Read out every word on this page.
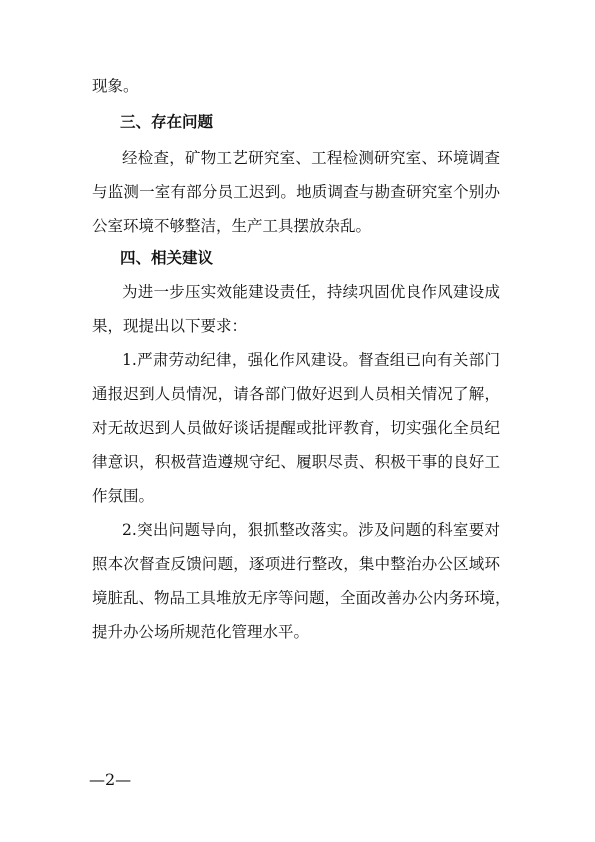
现象。
三、存在问题
经检查，矿物工艺研究室、工程检测研究室、环境调查
与监测一室有部分员工迟到。地质调查与勘查研究室个别办
公室环境不够整洁，生产工具摆放杂乱。
四、相关建议
为进一步压实效能建设责任，持续巩固优良作风建设成
果，现提出以下要求：
1.严肃劳动纪律，强化作风建设。督查组已向有关部门
通报迟到人员情况，请各部门做好迟到人员相关情况了解，
对无故迟到人员做好谈话提醒或批评教育，切实强化全员纪
律意识，积极营造遵规守纪、履职尽责、积极干事的良好工
作氛围。
2.突出问题导向，狠抓整改落实。涉及问题的科室要对
照本次督查反馈问题，逐项进行整改，集中整治办公区域环
境脏乱、物品工具堆放无序等问题，全面改善办公内务环境，
提升办公场所规范化管理水平。
—2—
